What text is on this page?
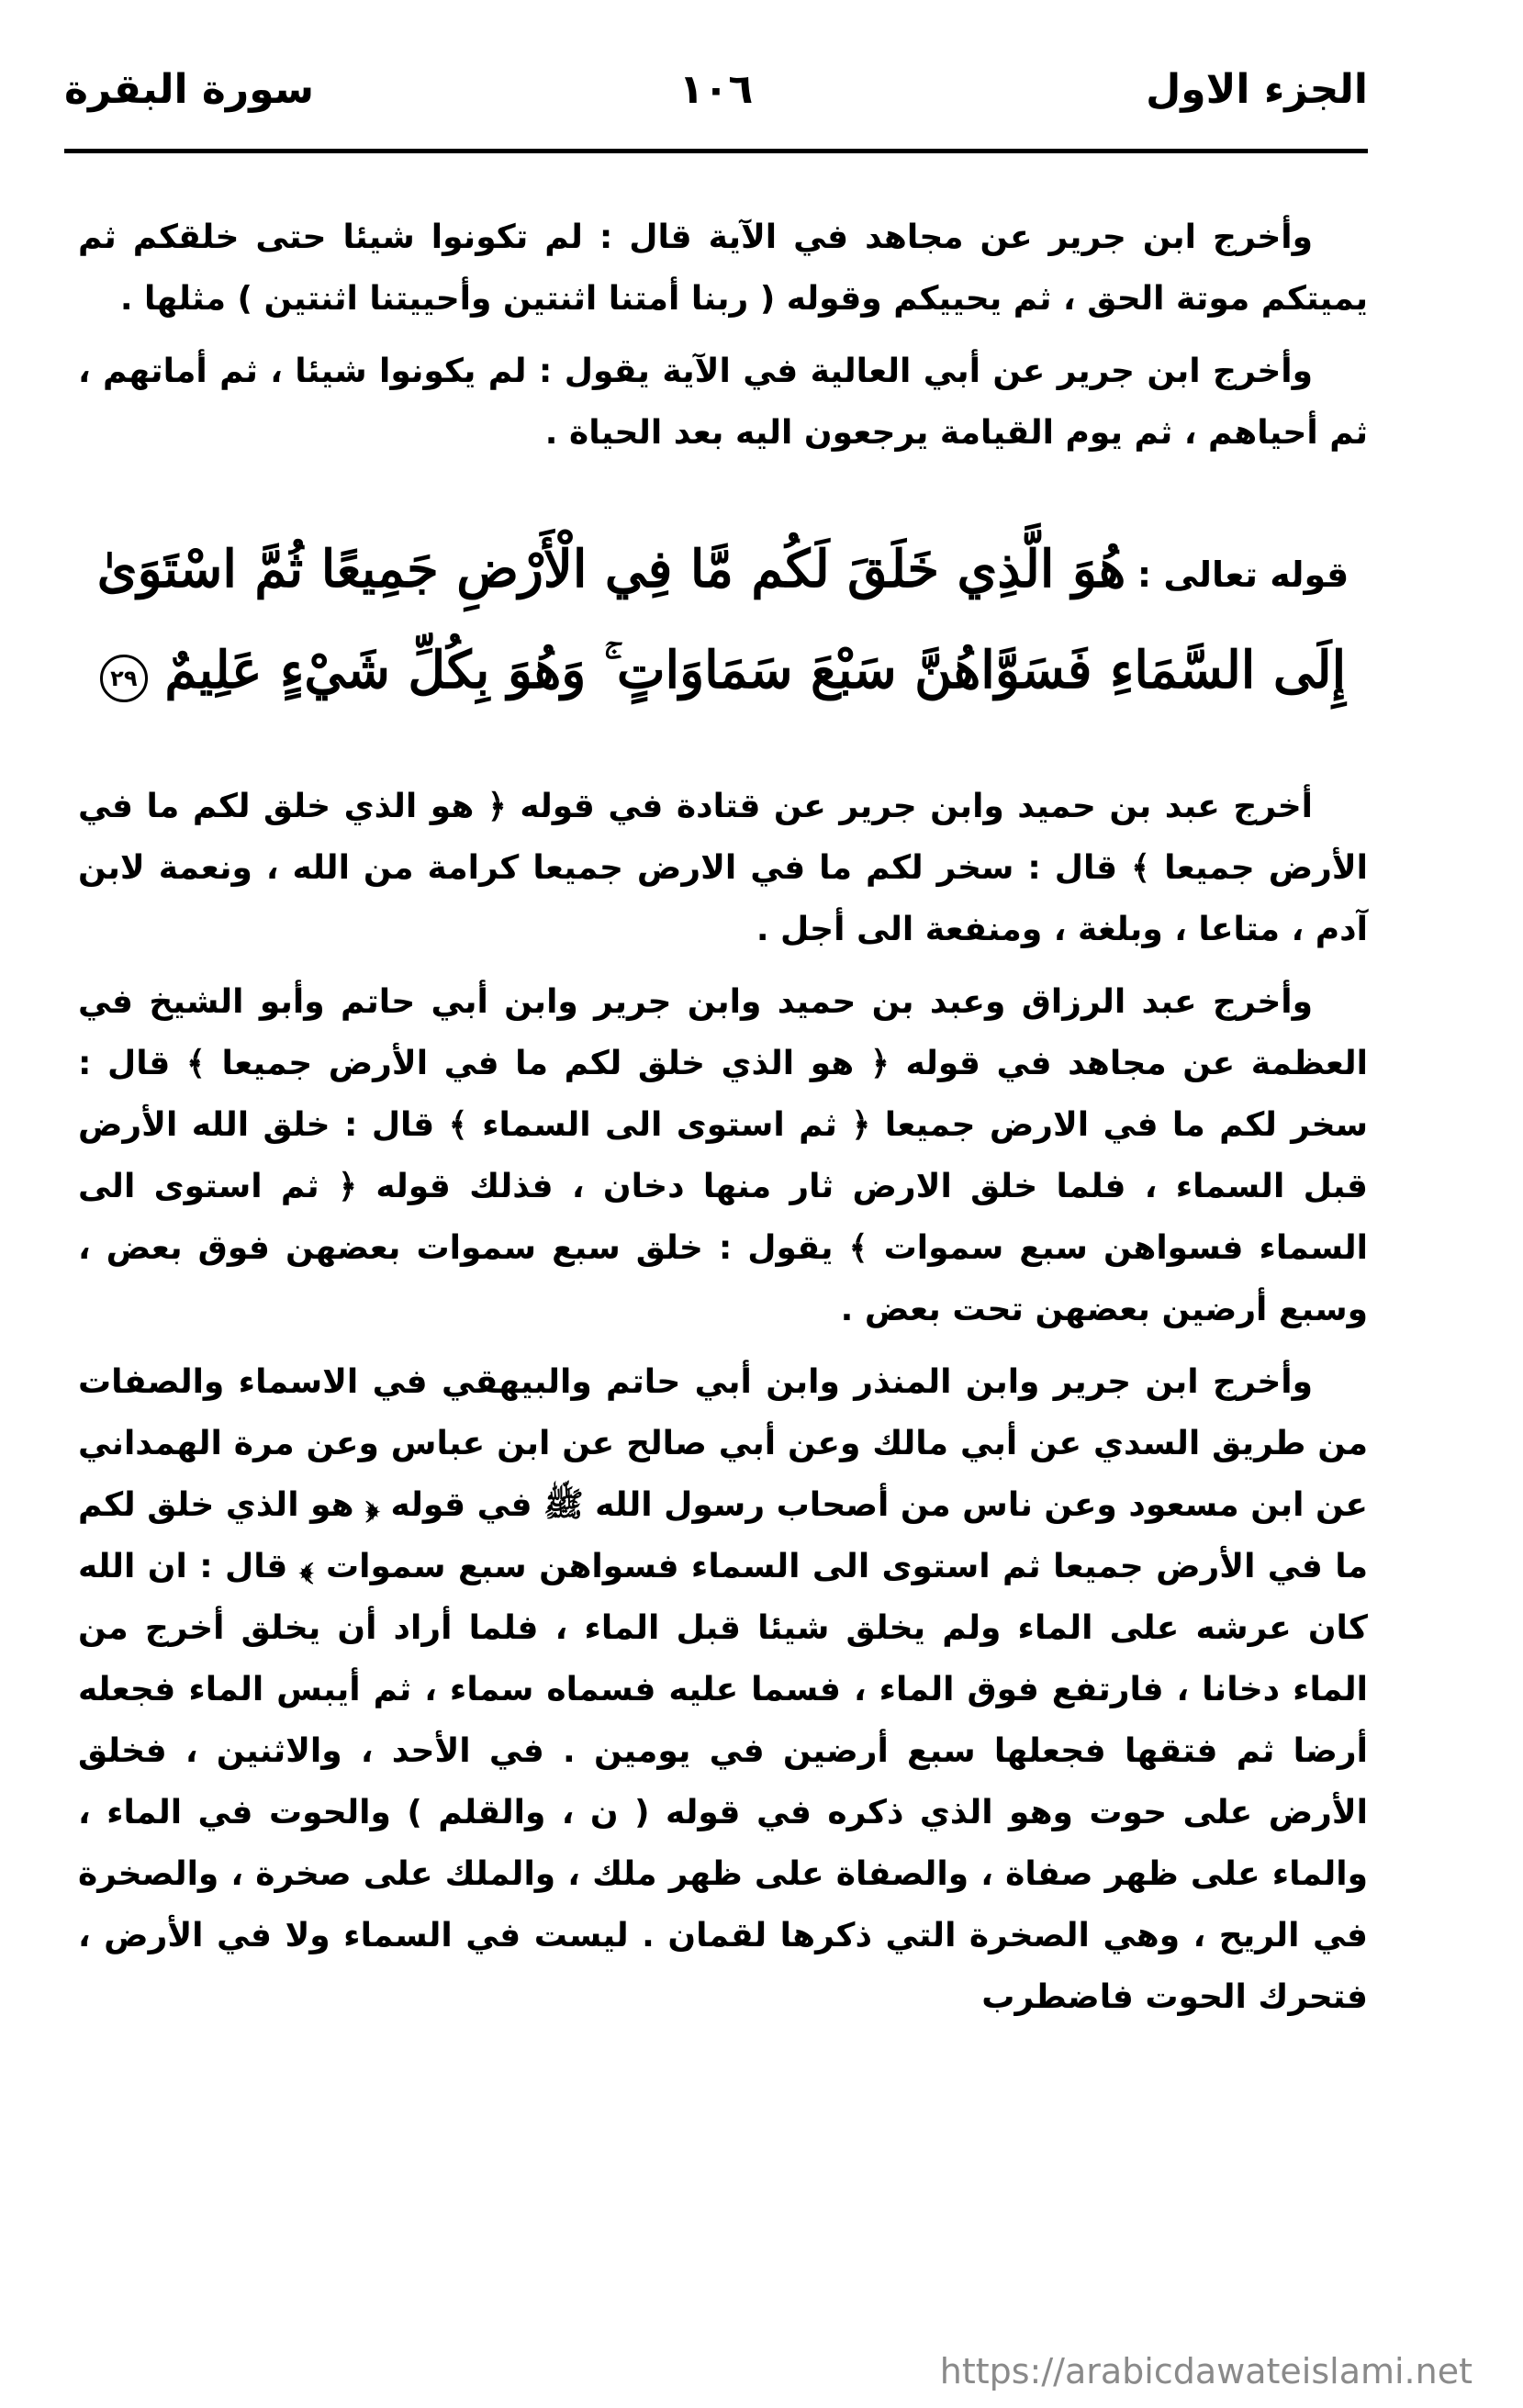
الجزء الاول
١٠٦
سورة البقرة

وأخرج ابن جرير عن مجاهد في الآية قال : لم تكونوا شيئا حتى خلقكم ثم يميتكم موتة الحق ، ثم يحييكم وقوله ( ربنا أمتنا اثنتين وأحييتنا اثنتين ) مثلها .

وأخرج ابن جرير عن أبي العالية في الآية يقول : لم يكونوا شيئا ، ثم أماتهم ، ثم أحياهم ، ثم يوم القيامة يرجعون اليه بعد الحياة .

قوله تعالى : هُوَ الَّذِي خَلَقَ لَكُم مَّا فِي الْأَرْضِ جَمِيعًا ثُمَّ اسْتَوَىٰ إِلَى السَّمَاءِ فَسَوَّاهُنَّ سَبْعَ سَمَاوَاتٍ ۚ وَهُوَ بِكُلِّ شَيْءٍ عَلِيمٌ ٢٩

أخرج عبد بن حميد وابن جرير عن قتادة في قوله ﴿ هو الذي خلق لكم ما في الأرض جميعا ﴾ قال : سخر لكم ما في الارض جميعا كرامة من الله ، ونعمة لابن آدم ، متاعا ، وبلغة ، ومنفعة الى أجل .

وأخرج عبد الرزاق وعبد بن حميد وابن جرير وابن أبي حاتم وأبو الشيخ في العظمة عن مجاهد في قوله ﴿ هو الذي خلق لكم ما في الأرض جميعا ﴾ قال : سخر لكم ما في الارض جميعا ﴿ ثم استوى الى السماء ﴾ قال : خلق الله الأرض قبل السماء ، فلما خلق الارض ثار منها دخان ، فذلك قوله ﴿ ثم استوى الى السماء فسواهن سبع سموات ﴾ يقول : خلق سبع سموات بعضهن فوق بعض ، وسبع أرضين بعضهن تحت بعض .

وأخرج ابن جرير وابن المنذر وابن أبي حاتم والبيهقي في الاسماء والصفات من طريق السدي عن أبي مالك وعن أبي صالح عن ابن عباس وعن مرة الهمداني عن ابن مسعود وعن ناس من أصحاب رسول الله ﷺ في قوله ﴿ هو الذي خلق لكم ما في الأرض جميعا ثم استوى الى السماء فسواهن سبع سموات ﴾ قال : ان الله كان عرشه على الماء ولم يخلق شيئا قبل الماء ، فلما أراد أن يخلق أخرج من الماء دخانا ، فارتفع فوق الماء ، فسما عليه فسماه سماء ، ثم أيبس الماء فجعله أرضا ثم فتقها فجعلها سبع أرضين في يومين . في الأحد ، والاثنين ، فخلق الأرض على حوت وهو الذي ذكره في قوله ( ن ، والقلم ) والحوت في الماء ، والماء على ظهر صفاة ، والصفاة على ظهر ملك ، والملك على صخرة ، والصخرة في الريح ، وهي الصخرة التي ذكرها لقمان . ليست في السماء ولا في الأرض ، فتحرك الحوت فاضطرب

https://arabicdawateislami.net
